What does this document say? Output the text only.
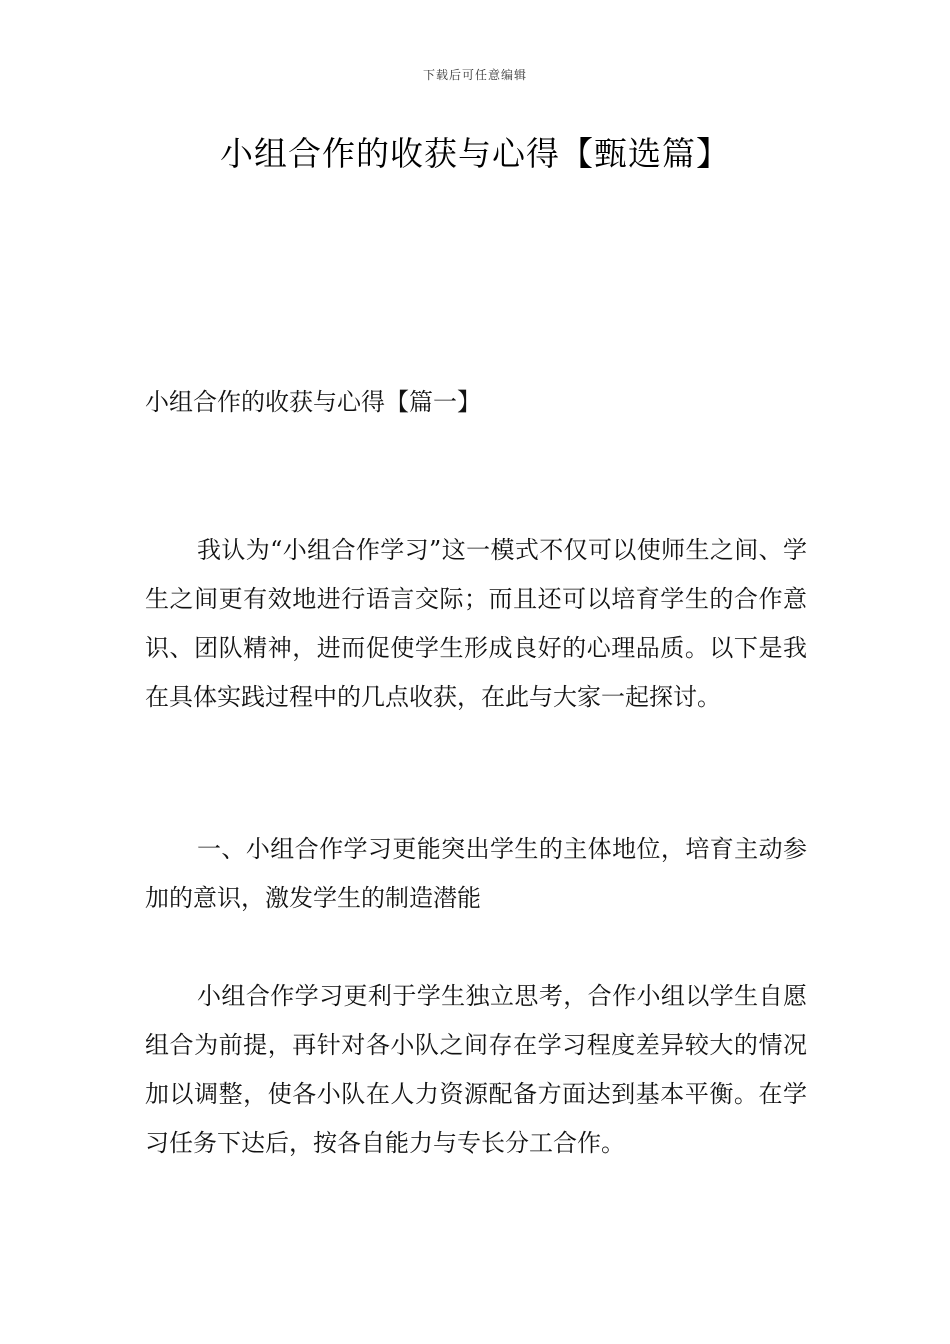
下载后可任意编辑
小组合作的收获与心得【甄选篇】
小组合作的收获与心得【篇一】

我认为“小组合作学习”这一模式不仅可以使师生之间、学生之间更有效地进行语言交际；而且还可以培育学生的合作意识、团队精神，进而促使学生形成良好的心理品质。以下是我在具体实践过程中的几点收获，在此与大家一起探讨。

一、小组合作学习更能突出学生的主体地位，培育主动参加的意识，激发学生的制造潜能

小组合作学习更利于学生独立思考，合作小组以学生自愿组合为前提，再针对各小队之间存在学习程度差异较大的情况加以调整，使各小队在人力资源配备方面达到基本平衡。在学习任务下达后，按各自能力与专长分工合作。
